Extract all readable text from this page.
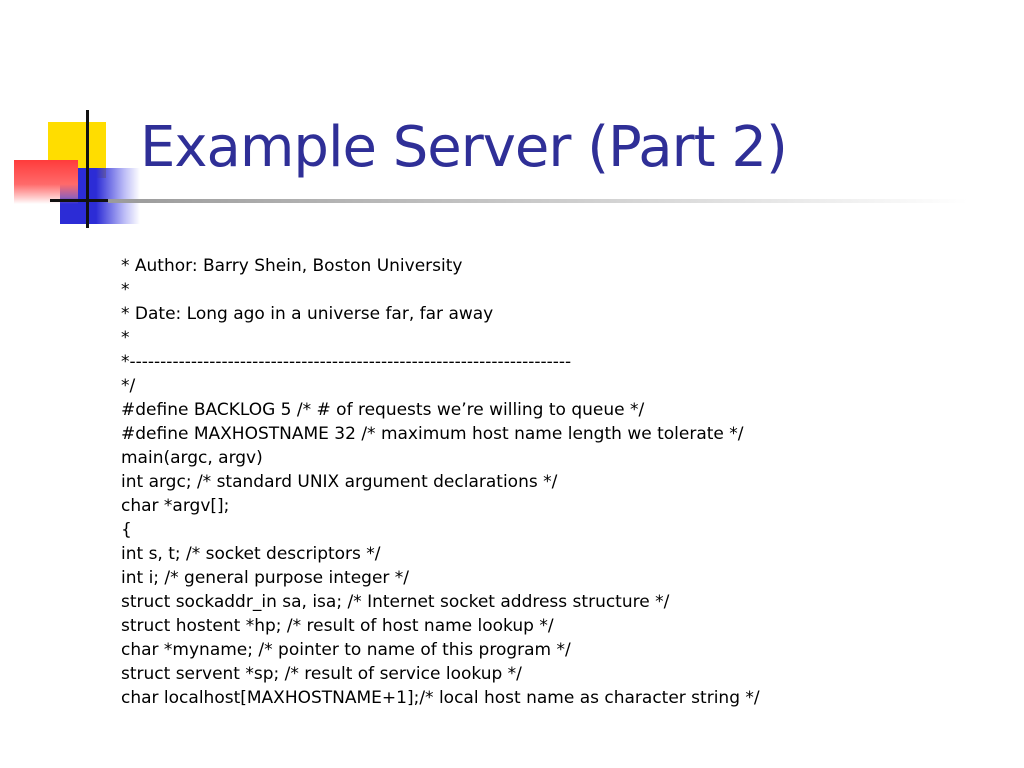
Example Server (Part 2)
* Author: Barry Shein, Boston University
*
* Date: Long ago in a universe far, far away
*
*------------------------------------------------------------------------
*/
#define BACKLOG 5 /* # of requests we’re willing to queue */
#define MAXHOSTNAME 32 /* maximum host name length we tolerate */
main(argc, argv)
int argc; /* standard UNIX argument declarations */
char *argv[];
{
int s, t; /* socket descriptors */
int i; /* general purpose integer */
struct sockaddr_in sa, isa; /* Internet socket address structure */
struct hostent *hp; /* result of host name lookup */
char *myname; /* pointer to name of this program */
struct servent *sp; /* result of service lookup */
char localhost[MAXHOSTNAME+1];/* local host name as character string */
